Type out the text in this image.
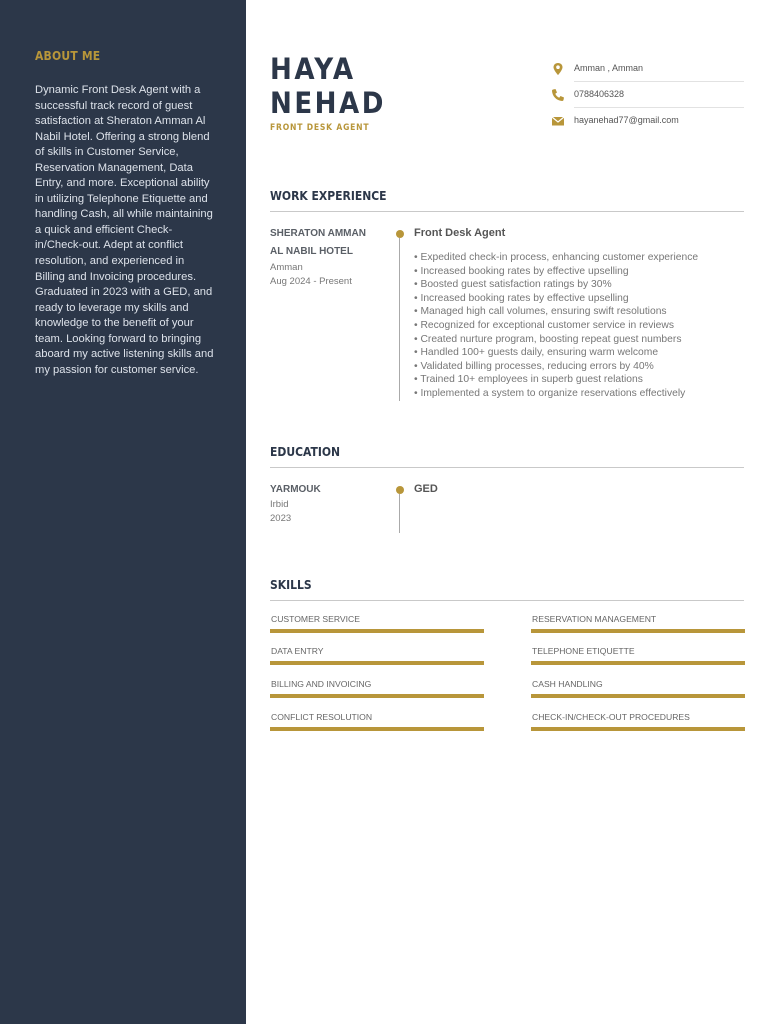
ABOUT ME
Dynamic Front Desk Agent with a successful track record of guest satisfaction at Sheraton Amman Al Nabil Hotel. Offering a strong blend of skills in Customer Service, Reservation Management, Data Entry, and more. Exceptional ability in utilizing Telephone Etiquette and handling Cash, all while maintaining a quick and efficient Check-in/Check-out. Adept at conflict resolution, and experienced in Billing and Invoicing procedures. Graduated in 2023 with a GED, and ready to leverage my skills and knowledge to the benefit of your team. Looking forward to bringing aboard my active listening skills and my passion for customer service.
HAYA
NEHAD
FRONT DESK AGENT
Amman , Amman
0788406328
hayanehad77@gmail.com
WORK EXPERIENCE
SHERATON AMMAN
AL NABIL HOTEL
Amman
Aug 2024 - Present
Front Desk Agent
• Expedited check-in process, enhancing customer experience
• Increased booking rates by effective upselling
• Boosted guest satisfaction ratings by 30%
• Increased booking rates by effective upselling
• Managed high call volumes, ensuring swift resolutions
• Recognized for exceptional customer service in reviews
• Created nurture program, boosting repeat guest numbers
• Handled 100+ guests daily, ensuring warm welcome
• Validated billing processes, reducing errors by 40%
• Trained 10+ employees in superb guest relations
• Implemented a system to organize reservations effectively
EDUCATION
YARMOUK
Irbid
2023
GED
SKILLS
CUSTOMER SERVICE	RESERVATION MANAGEMENT
DATA ENTRY	TELEPHONE ETIQUETTE
BILLING AND INVOICING	CASH HANDLING
CONFLICT RESOLUTION	CHECK-IN/CHECK-OUT PROCEDURES
